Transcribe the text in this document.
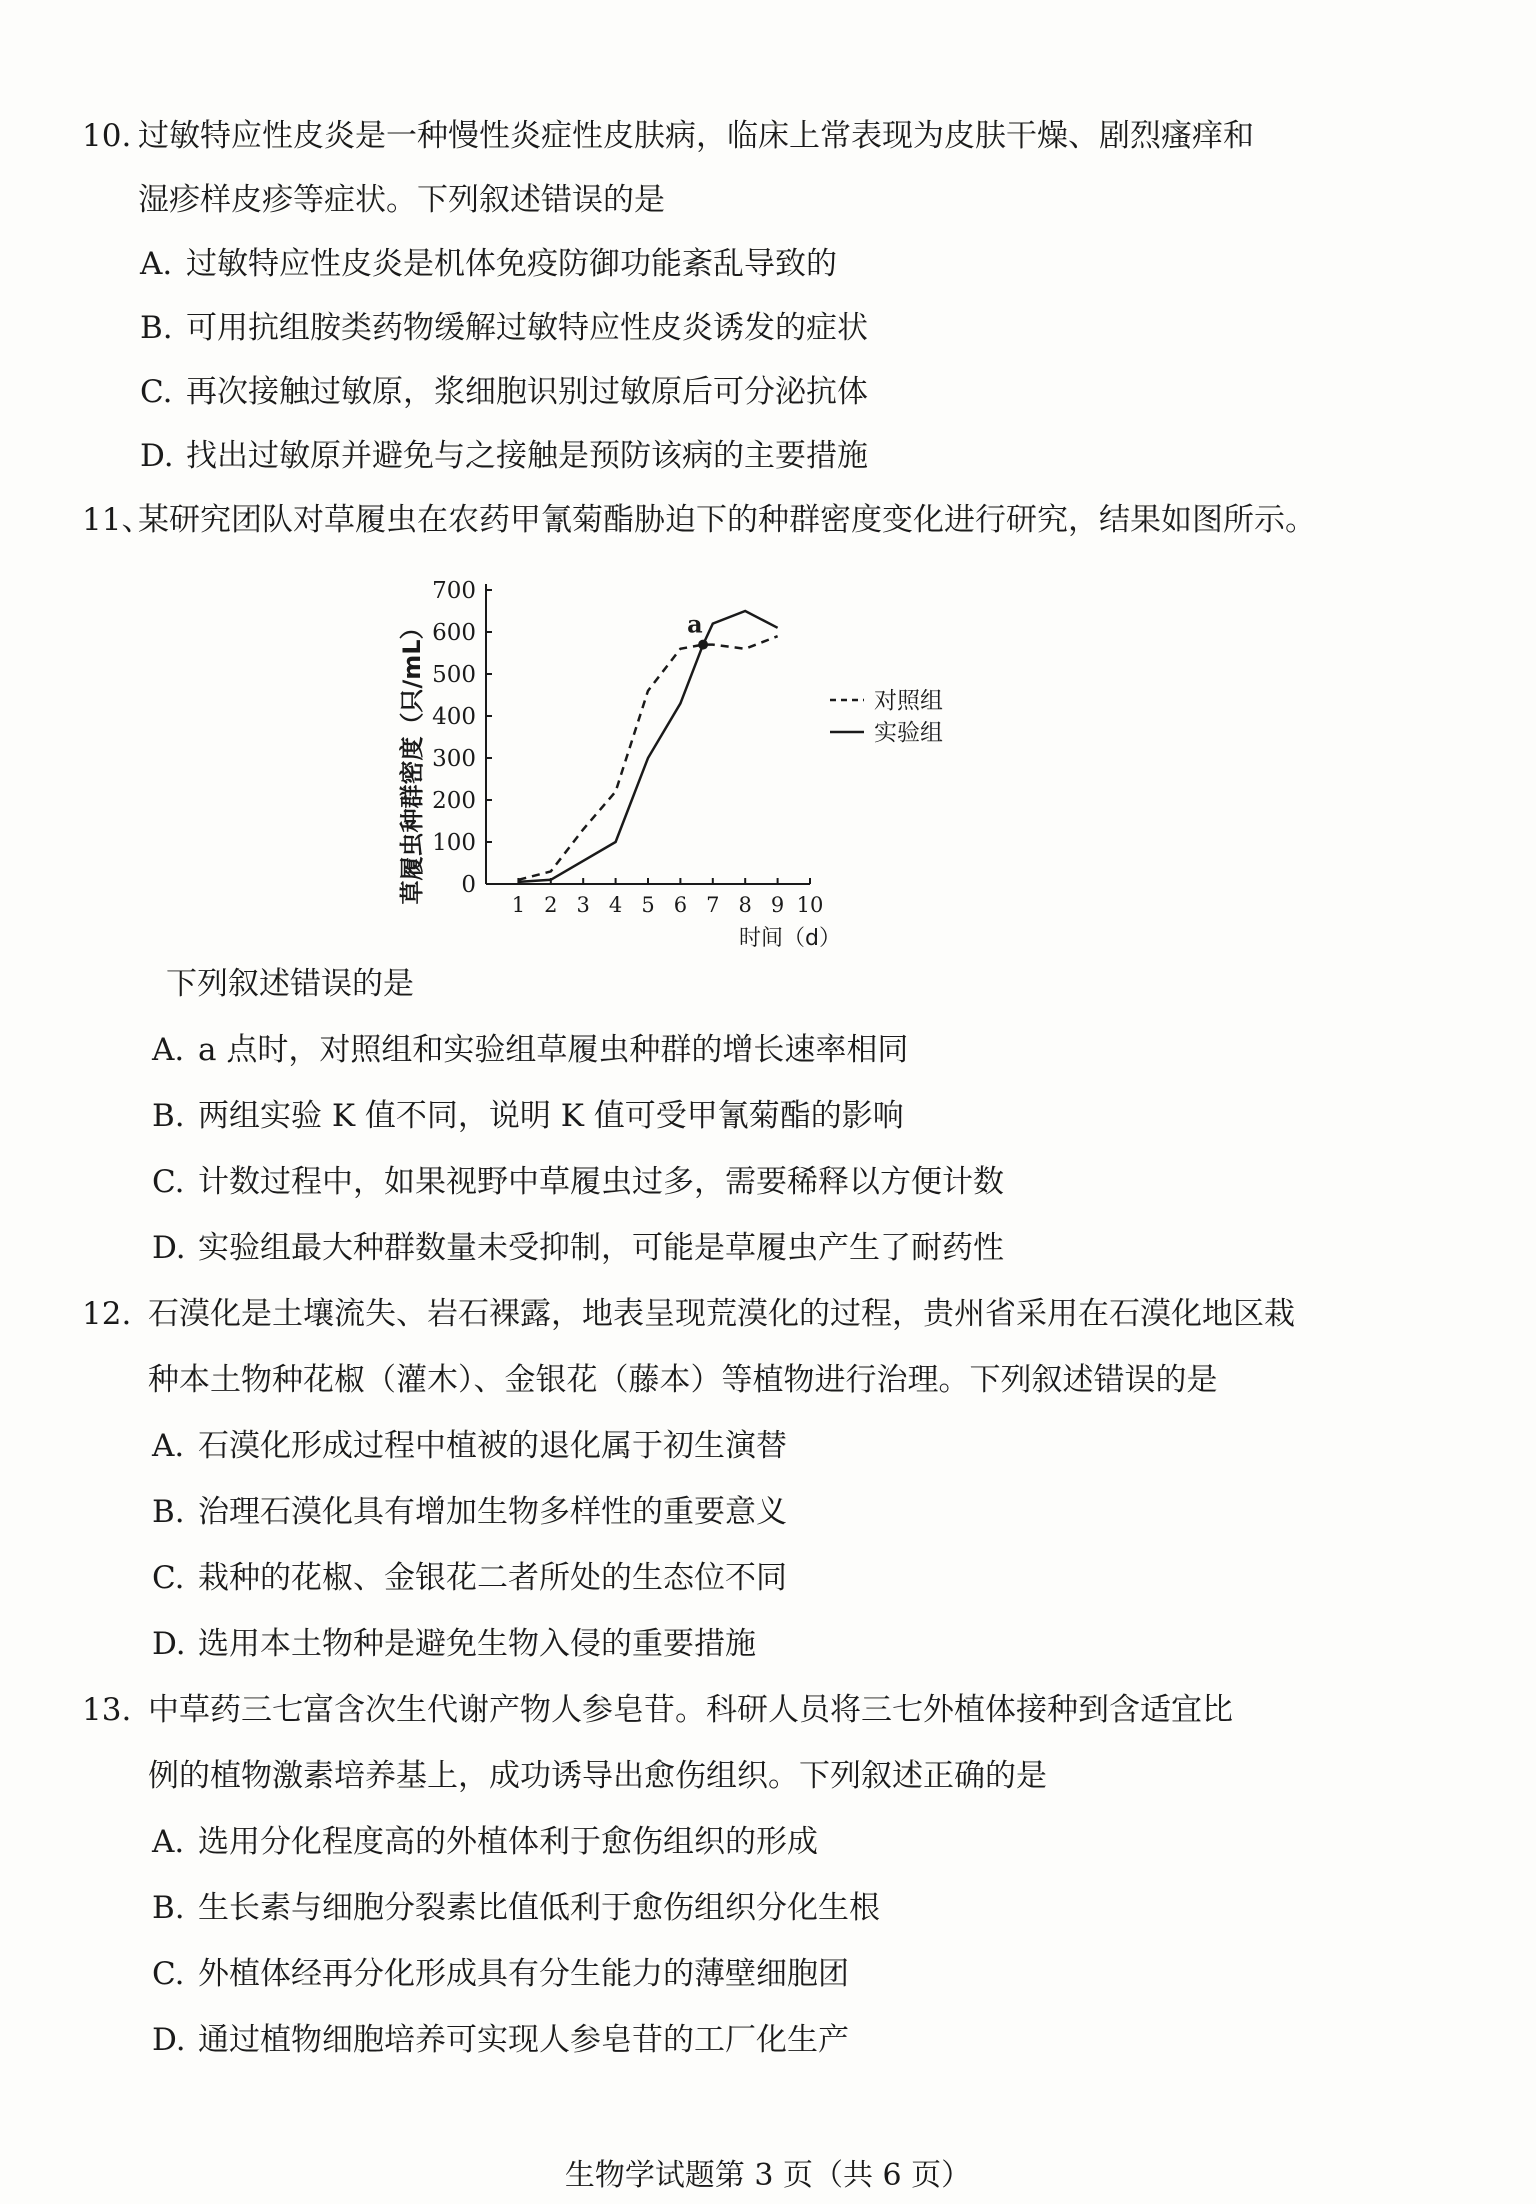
10. 过敏特应性皮炎是一种慢性炎症性皮肤病，临床上常表现为皮肤干燥、剧烈瘙痒和
湿疹样皮疹等症状。下列叙述错误的是
A. 过敏特应性皮炎是机体免疫防御功能紊乱导致的
B. 可用抗组胺类药物缓解过敏特应性皮炎诱发的症状
C. 再次接触过敏原，浆细胞识别过敏原后可分泌抗体
D. 找出过敏原并避免与之接触是预防该病的主要措施
11、
某研究团队对草履虫在农药甲氰菊酯胁迫下的种群密度变化进行研究，结果如图所示。
0
100
200
300
400
500
600
700
1 2 3 4 5 6 7 8 9 10
a
对照组
实验组
草履虫种群密度（只/mL）
时间（d）
下列叙述错误的是
A. a 点时，对照组和实验组草履虫种群的增长速率相同
B. 两组实验 K 值不同，说明 K 值可受甲氰菊酯的影响
C. 计数过程中，如果视野中草履虫过多，需要稀释以方便计数
D. 实验组最大种群数量未受抑制，可能是草履虫产生了耐药性
12. 石漠化是土壤流失、岩石裸露，地表呈现荒漠化的过程，贵州省采用在石漠化地区栽
种本土物种花椒（灌木）、金银花（藤本）等植物进行治理。下列叙述错误的是
A. 石漠化形成过程中植被的退化属于初生演替
B. 治理石漠化具有增加生物多样性的重要意义
C. 栽种的花椒、金银花二者所处的生态位不同
D. 选用本土物种是避免生物入侵的重要措施
13. 中草药三七富含次生代谢产物人参皂苷。科研人员将三七外植体接种到含适宜比
例的植物激素培养基上，成功诱导出愈伤组织。下列叙述正确的是
A. 选用分化程度高的外植体利于愈伤组织的形成
B. 生长素与细胞分裂素比值低利于愈伤组织分化生根
C. 外植体经再分化形成具有分生能力的薄壁细胞团
D. 通过植物细胞培养可实现人参皂苷的工厂化生产
生物学试题第 3 页（共 6 页）
